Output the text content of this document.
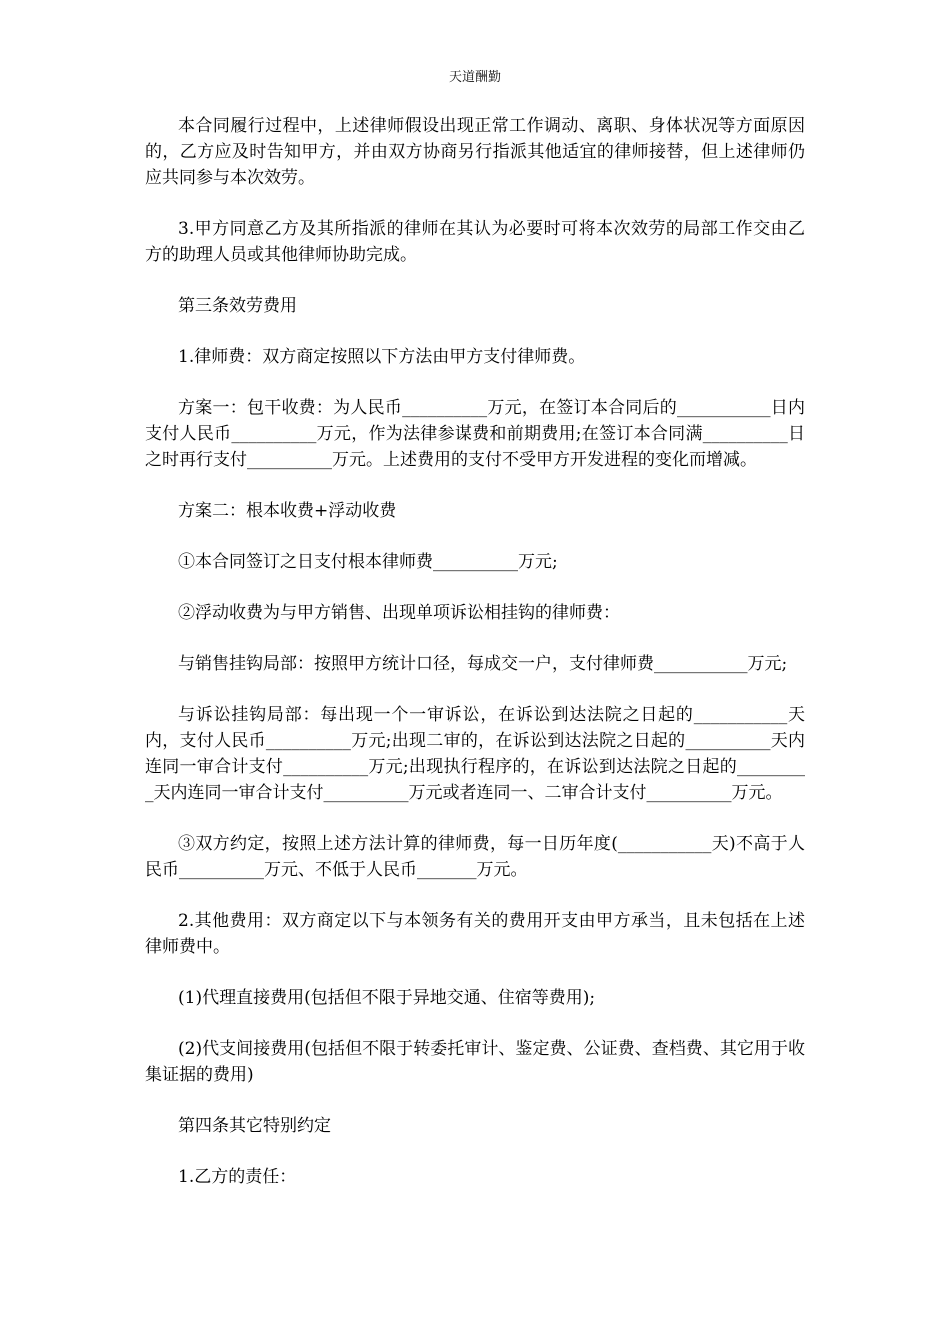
天道酬勤

本合同履行过程中，上述律师假设出现正常工作调动、离职、身体状况等方面原因的，乙方应及时告知甲方，并由双方协商另行指派其他适宜的律师接替，但上述律师仍应共同参与本次效劳。

3.甲方同意乙方及其所指派的律师在其认为必要时可将本次效劳的局部工作交由乙方的助理人员或其他律师协助完成。

第三条效劳费用

1.律师费：双方商定按照以下方法由甲方支付律师费。

方案一：包干收费：为人民币__________万元，在签订本合同后的___________日内支付人民币__________万元，作为法律参谋费和前期费用;在签订本合同满__________日之时再行支付__________万元。上述费用的支付不受甲方开发进程的变化而增减。

方案二：根本收费+浮动收费

①本合同签订之日支付根本律师费__________万元;

②浮动收费为与甲方销售、出现单项诉讼相挂钩的律师费：

与销售挂钩局部：按照甲方统计口径，每成交一户，支付律师费___________万元;

与诉讼挂钩局部：每出现一个一审诉讼，在诉讼到达法院之日起的___________天内，支付人民币__________万元;出现二审的，在诉讼到达法院之日起的__________天内连同一审合计支付__________万元;出现执行程序的，在诉讼到达法院之日起的_________天内连同一审合计支付__________万元或者连同一、二审合计支付__________万元。

③双方约定，按照上述方法计算的律师费，每一日历年度(___________天)不高于人民币__________万元、不低于人民币_______万元。

2.其他费用：双方商定以下与本领务有关的费用开支由甲方承当，且未包括在上述律师费中。

(1)代理直接费用(包括但不限于异地交通、住宿等费用);

(2)代支间接费用(包括但不限于转委托审计、鉴定费、公证费、查档费、其它用于收集证据的费用)

第四条其它特别约定

1.乙方的责任：
